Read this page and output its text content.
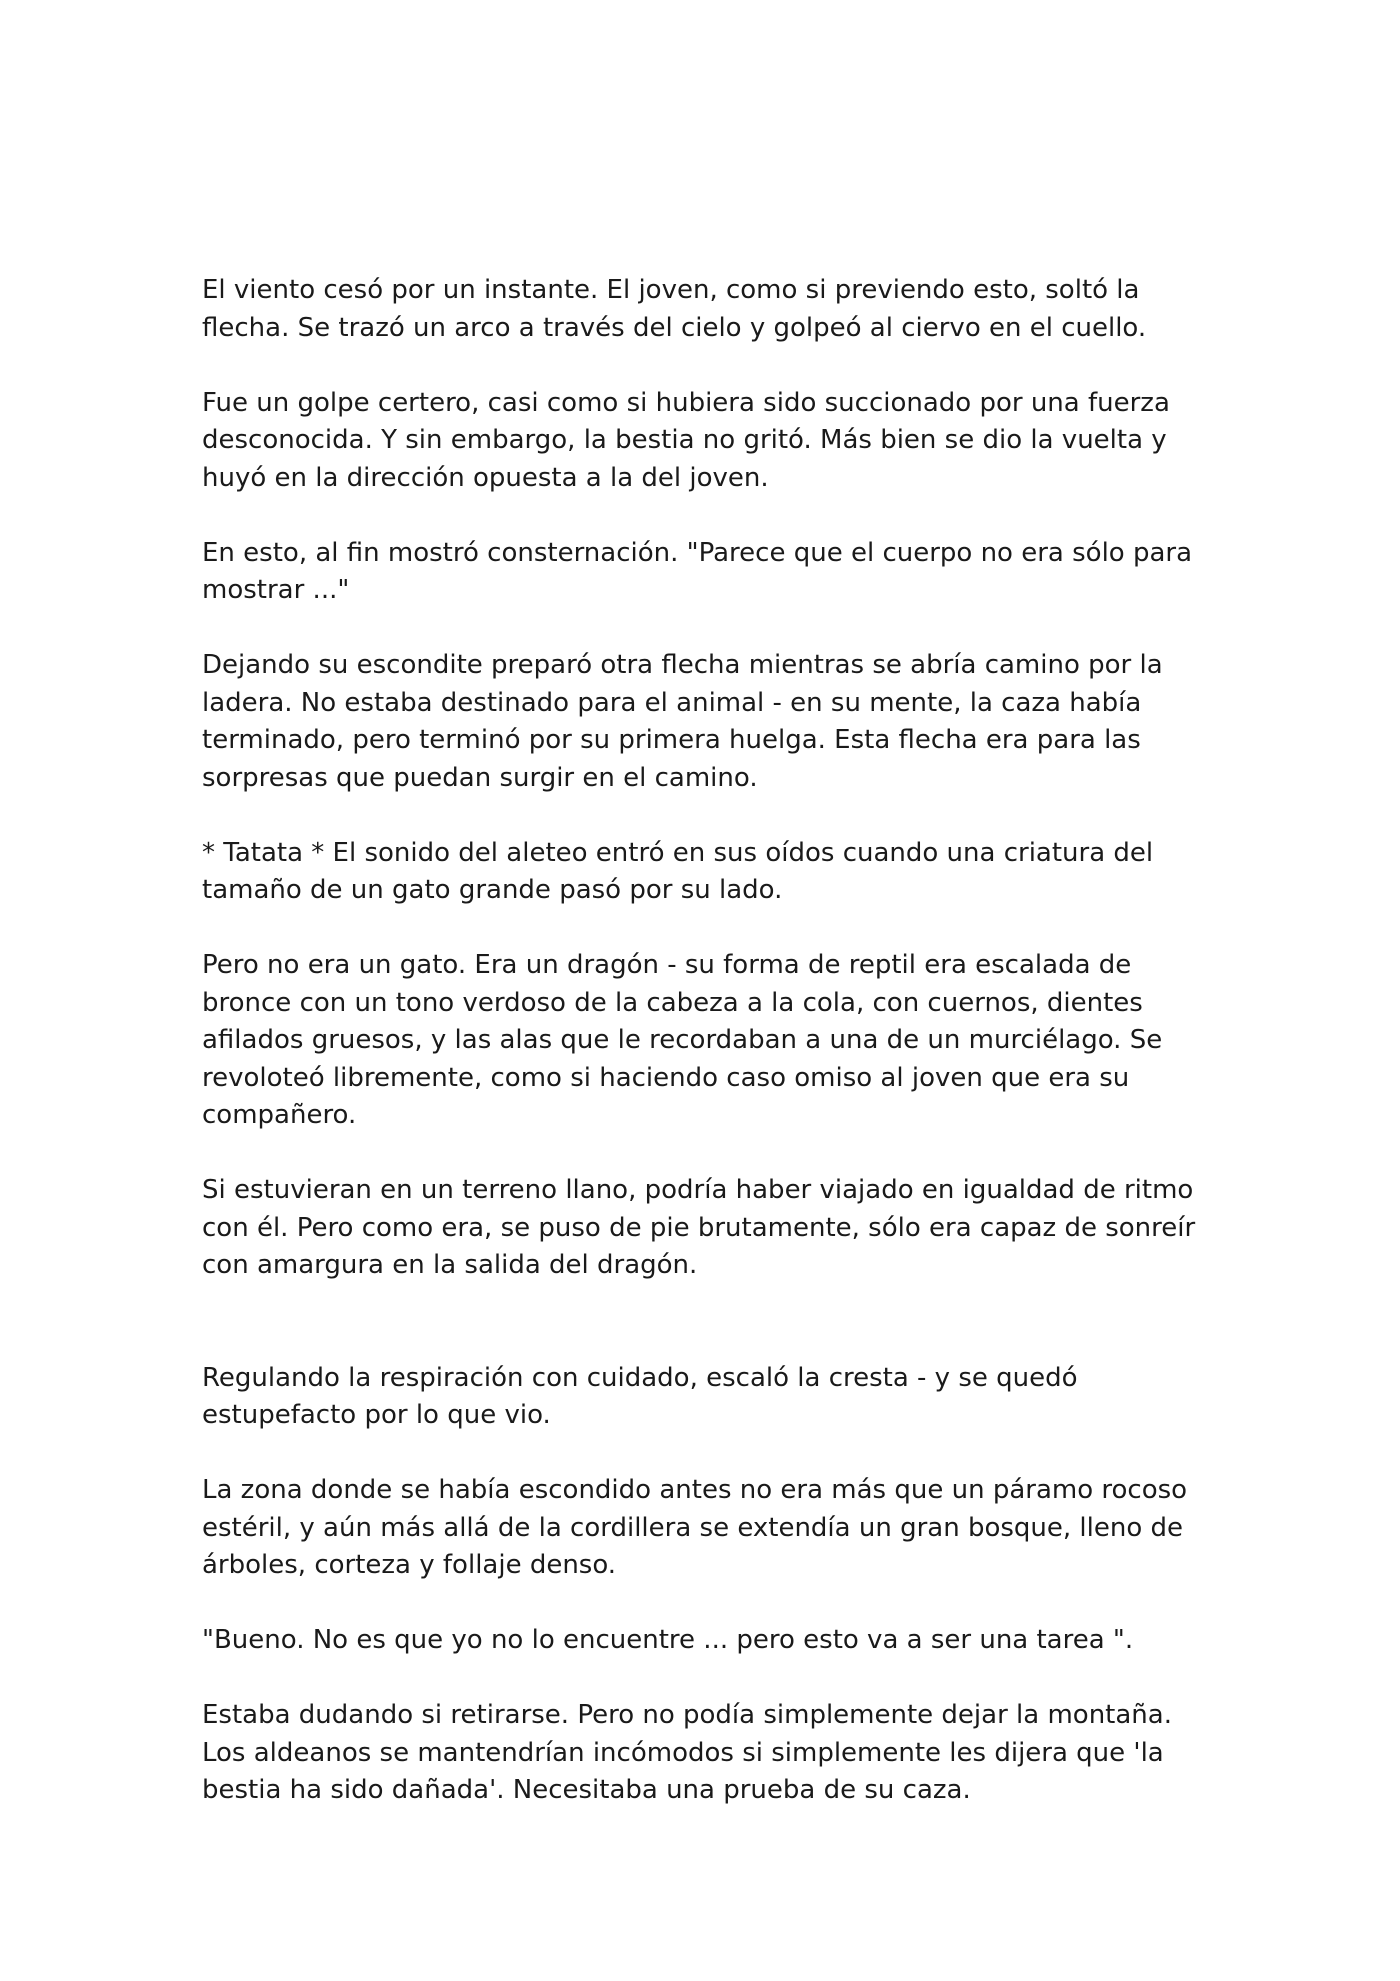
El viento cesó por un instante. El joven, como si previendo esto, soltó la flecha. Se trazó un arco a través del cielo y golpeó al ciervo en el cuello.

Fue un golpe certero, casi como si hubiera sido succionado por una fuerza desconocida. Y sin embargo, la bestia no gritó. Más bien se dio la vuelta y huyó en la dirección opuesta a la del joven.

En esto, al fin mostró consternación. "Parece que el cuerpo no era sólo para mostrar ..."

Dejando su escondite preparó otra flecha mientras se abría camino por la ladera. No estaba destinado para el animal - en su mente, la caza había terminado, pero terminó por su primera huelga. Esta flecha era para las sorpresas que puedan surgir en el camino.

* Tatata * El sonido del aleteo entró en sus oídos cuando una criatura del tamaño de un gato grande pasó por su lado.

Pero no era un gato. Era un dragón - su forma de reptil era escalada de bronce con un tono verdoso de la cabeza a la cola, con cuernos, dientes afilados gruesos, y las alas que le recordaban a una de un murciélago. Se revoloteó libremente, como si haciendo caso omiso al joven que era su compañero.

Si estuvieran en un terreno llano, podría haber viajado en igualdad de ritmo con él. Pero como era, se puso de pie brutamente, sólo era capaz de sonreír con amargura en la salida del dragón.

Regulando la respiración con cuidado, escaló la cresta - y se quedó estupefacto por lo que vio.

La zona donde se había escondido antes no era más que un páramo rocoso estéril, y aún más allá de la cordillera se extendía un gran bosque, lleno de árboles, corteza y follaje denso.

"Bueno. No es que yo no lo encuentre ... pero esto va a ser una tarea ".

Estaba dudando si retirarse. Pero no podía simplemente dejar la montaña. Los aldeanos se mantendrían incómodos si simplemente les dijera que 'la bestia ha sido dañada'. Necesitaba una prueba de su caza.
